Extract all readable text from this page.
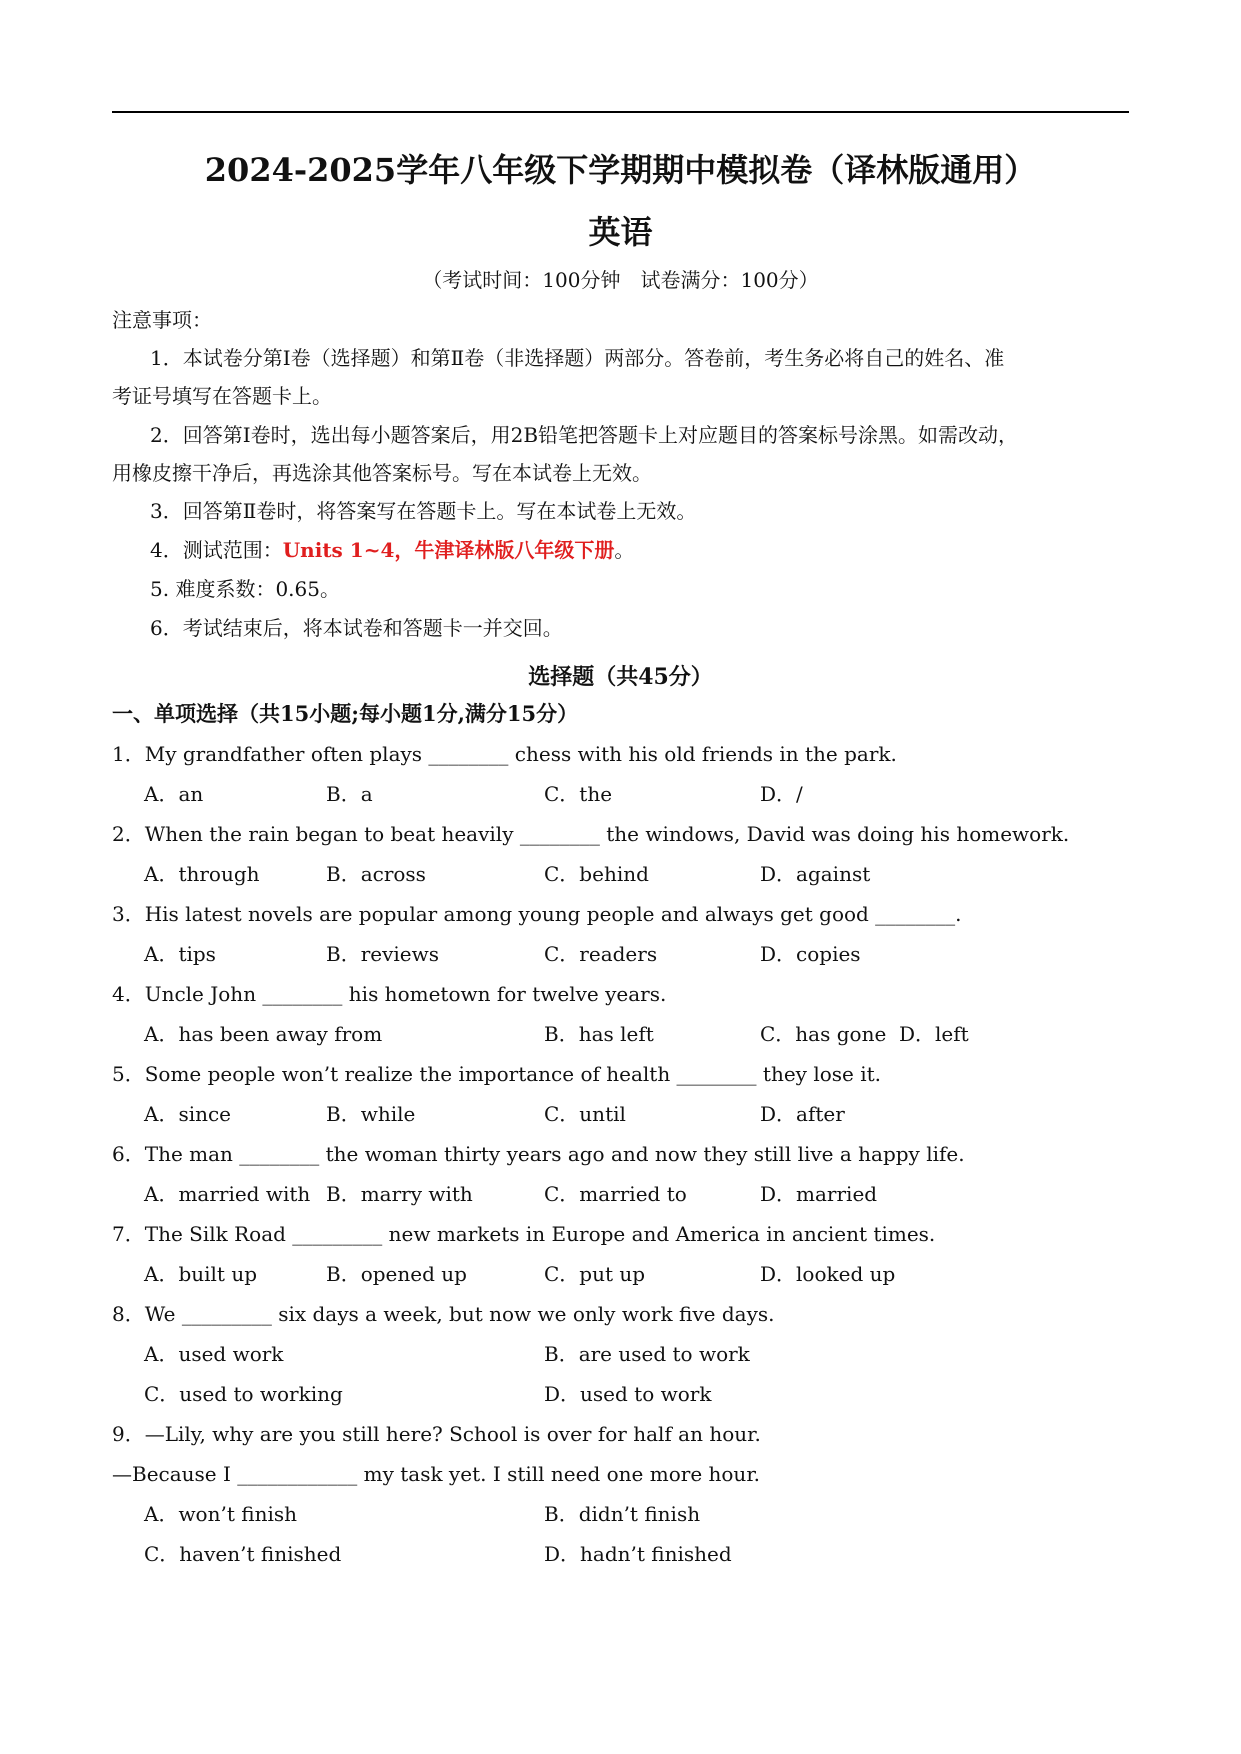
2024-2025学年八年级下学期期中模拟卷（译林版通用）
英语
（考试时间：100分钟　试卷满分：100分）
注意事项：
1．本试卷分第Ⅰ卷（选择题）和第Ⅱ卷（非选择题）两部分。答卷前，考生务必将自己的姓名、准
考证号填写在答题卡上。
2．回答第Ⅰ卷时，选出每小题答案后，用2B铅笔把答题卡上对应题目的答案标号涂黑。如需改动，
用橡皮擦干净后，再选涂其他答案标号。写在本试卷上无效。
3．回答第Ⅱ卷时，将答案写在答题卡上。写在本试卷上无效。
4．测试范围：Units 1~4，牛津译林版八年级下册。
5. 难度系数：0.65。
6．考试结束后，将本试卷和答题卡一并交回。
选择题（共45分）
一、单项选择（共15小题;每小题1分,满分15分）
1．My grandfather often plays ________ chess with his old friends in the park.
A．an	B．a	C．the	D．/
2．When the rain began to beat heavily ________ the windows, David was doing his homework.
A．through	B．across	C．behind	D．against
3．His latest novels are popular among young people and always get good ________.
A．tips	B．reviews	C．readers	D．copies
4．Uncle John ________ his hometown for twelve years.
A．has been away from	B．has left	C．has gone D．left
5．Some people won’t realize the importance of health ________ they lose it.
A．since	B．while	C．until	D．after
6．The man ________ the woman thirty years ago and now they still live a happy life.
A．married with B．marry with	C．married to	D．married
7．The Silk Road _________ new markets in Europe and America in ancient times.
A．built up	B．opened up	C．put up	D．looked up
8．We _________ six days a week, but now we only work five days.
A．used work	B．are used to work
C．used to working	D．used to work
9．—Lily, why are you still here? School is over for half an hour.
—Because I ____________ my task yet. I still need one more hour.
A．won’t finish	B．didn’t finish
C．haven’t finished	D．hadn’t finished
